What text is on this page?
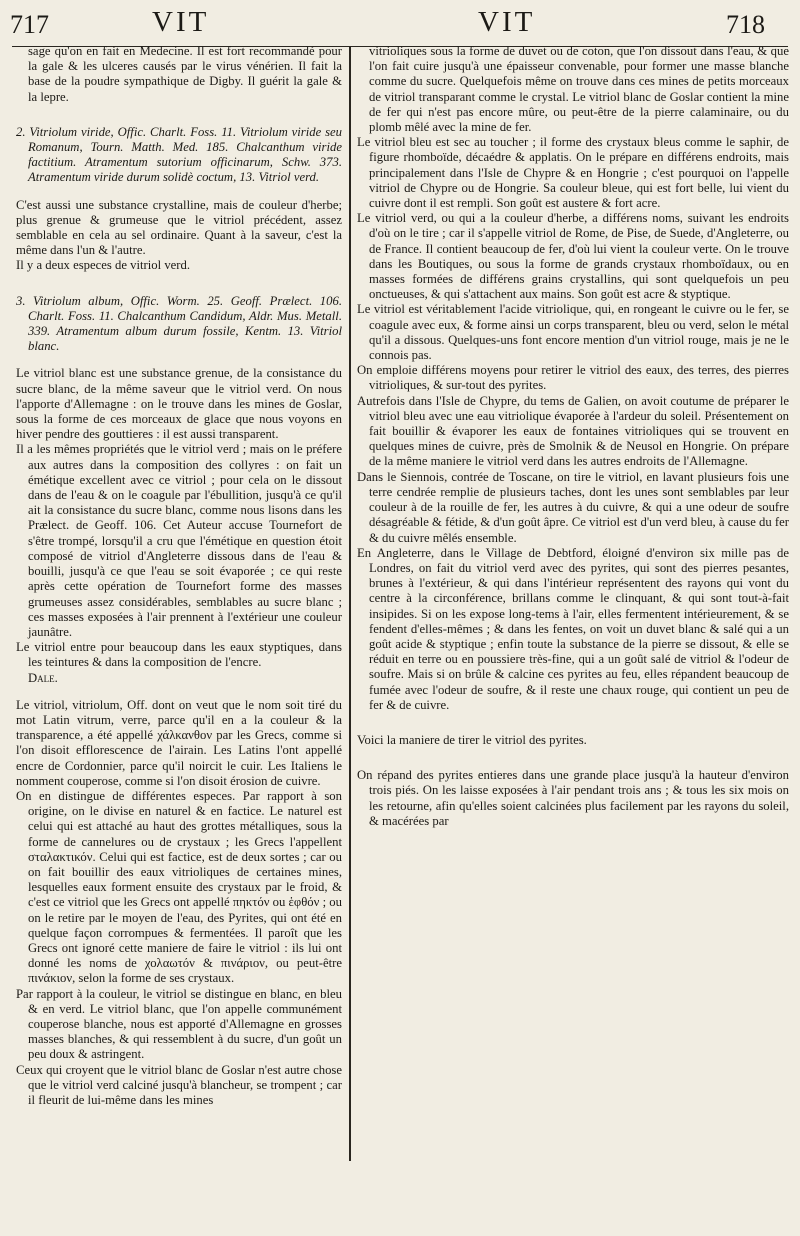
717	VIT	VIT	718

sage qu'on en fait en Medecine. Il est fort recommandé pour la gale & les ulceres causés par le virus vénérien. Il fait la base de la poudre sympathique de Digby. Il guérit la gale & la lepre.

2. Vitriolum viride, Offic. Charlt. Foss. 11. Vitriolum viride seu Romanum, Tourn. Matth. Med. 185. Chalcanthum viride factitium. Atramentum sutorium officinarum, Schw. 373. Atramentum viride durum solidè coctum, 13. Vitriol verd.

C'est aussi une substance crystalline, mais de couleur d'herbe; plus grenue & grumeuse que le vitriol précédent, assez semblable en cela au sel ordinaire. Quant à la saveur, c'est la même dans l'un & l'autre.

Il y a deux especes de vitriol verd.

3. Vitriolum album, Offic. Worm. 25. Geoff. Prælect. 106. Charlt. Foss. 11. Chalcanthum Candidum, Aldr. Mus. Metall. 339. Atramentum album durum fossile, Kentm. 13. Vitriol blanc.

Le vitriol blanc est une substance grenue, de la consistance du sucre blanc, de la même saveur que le vitriol verd. On nous l'apporte d'Allemagne : on le trouve dans les mines de Goslar, sous la forme de ces morceaux de glace que nous voyons en hiver pendre des gouttieres : il est aussi transparent.

Il a les mêmes propriétés que le vitriol verd ; mais on le préfere aux autres dans la composition des collyres : on fait un émétique excellent avec ce vitriol ; pour cela on le dissout dans de l'eau & on le coagule par l'ébullition, jusqu'à ce qu'il ait la consistance du sucre blanc, comme nous lisons dans les Prælect. de Geoff. 106. Cet Auteur accuse Tournefort de s'être trompé, lorsqu'il a cru que l'émétique en question étoit composé de vitriol d'Angleterre dissous dans de l'eau & bouilli, jusqu'à ce que l'eau se soit évaporée ; ce qui reste après cette opération de Tournefort forme des masses grumeuses assez considérables, semblables au sucre blanc ; ces masses exposées à l'air prennent à l'extérieur une couleur jaunâtre.

Le vitriol entre pour beaucoup dans les eaux styptiques, dans les teintures & dans la composition de l'encre.

Dale.

Le vitriol, vitriolum, Off. dont on veut que le nom soit tiré du mot Latin vitrum, verre, parce qu'il en a la couleur & la transparence, a été appellé χάλκανθον par les Grecs, comme si l'on disoit efflorescence de l'airain. Les Latins l'ont appellé encre de Cordonnier, parce qu'il noircit le cuir. Les Italiens le nomment couperose, comme si l'on disoit érosion de cuivre.

On en distingue de différentes especes. Par rapport à son origine, on le divise en naturel & en factice. Le naturel est celui qui est attaché au haut des grottes métalliques, sous la forme de cannelures ou de crystaux ; les Grecs l'appellent σταλακτικόν. Celui qui est factice, est de deux sortes ; car ou on fait bouillir des eaux vitrioliques de certaines mines, lesquelles eaux forment ensuite des crystaux par le froid, & c'est ce vitriol que les Grecs ont appellé πηκτόν ou ἑφθόν ; ou on le retire par le moyen de l'eau, des Pyrites, qui ont été en quelque façon corrompues & fermentées. Il paroît que les Grecs ont ignoré cette maniere de faire le vitriol : ils lui ont donné les noms de χολαωτόν & πινάριον, ou peut-être πινάκιον, selon la forme de ses crystaux.

Par rapport à la couleur, le vitriol se distingue en blanc, en bleu & en verd. Le vitriol blanc, que l'on appelle communément couperose blanche, nous est apporté d'Allemagne en grosses masses blanches, & qui ressemblent à du sucre, d'un goût un peu doux & astringent.

Ceux qui croyent que le vitriol blanc de Goslar n'est autre chose que le vitriol verd calciné jusqu'à blancheur, se trompent ; car il fleurit de lui-même dans les mines

vitrioliques sous la forme de duvet ou de coton, que l'on dissout dans l'eau, & que l'on fait cuire jusqu'à une épaisseur convenable, pour former une masse blanche comme du sucre. Quelquefois même on trouve dans ces mines de petits morceaux de vitriol transparant comme le crystal. Le vitriol blanc de Goslar contient la mine de fer qui n'est pas encore mûre, ou peut-être de la pierre calaminaire, ou du plomb mêlé avec la mine de fer.

Le vitriol bleu est sec au toucher ; il forme des crystaux bleus comme le saphir, de figure rhomboïde, décaédre & applatis. On le prépare en différens endroits, mais principalement dans l'Isle de Chypre & en Hongrie ; c'est pourquoi on l'appelle vitriol de Chypre ou de Hongrie. Sa couleur bleue, qui est fort belle, lui vient du cuivre dont il est rempli. Son goût est austere & fort acre.

Le vitriol verd, ou qui a la couleur d'herbe, a différens noms, suivant les endroits d'où on le tire ; car il s'appelle vitriol de Rome, de Pise, de Suede, d'Angleterre, ou de France. Il contient beaucoup de fer, d'où lui vient la couleur verte. On le trouve dans les Boutiques, ou sous la forme de grands crystaux rhomboïdaux, ou en masses formées de différens grains crystallins, qui sont quelquefois un peu onctueuses, & qui s'attachent aux mains. Son goût est acre & styptique.

Le vitriol est véritablement l'acide vitriolique, qui, en rongeant le cuivre ou le fer, se coagule avec eux, & forme ainsi un corps transparent, bleu ou verd, selon le métal qu'il a dissous. Quelques-uns font encore mention d'un vitriol rouge, mais je ne le connois pas.

On emploie différens moyens pour retirer le vitriol des eaux, des terres, des pierres vitrioliques, & sur-tout des pyrites.

Autrefois dans l'Isle de Chypre, du tems de Galien, on avoit coutume de préparer le vitriol bleu avec une eau vitriolique évaporée à l'ardeur du soleil. Présentement on fait bouillir & évaporer les eaux de fontaines vitrioliques qui se trouvent en quelques mines de cuivre, près de Smolnik & de Neusol en Hongrie. On prépare de la même maniere le vitriol verd dans les autres endroits de l'Allemagne.

Dans le Siennois, contrée de Toscane, on tire le vitriol, en lavant plusieurs fois une terre cendrée remplie de plusieurs taches, dont les unes sont semblables par leur couleur à de la rouille de fer, les autres à du cuivre, & qui a une odeur de soufre désagréable & fétide, & d'un goût âpre. Ce vitriol est d'un verd bleu, à cause du fer & du cuivre mêlés ensemble.

En Angleterre, dans le Village de Debtford, éloigné d'environ six mille pas de Londres, on fait du vitriol verd avec des pyrites, qui sont des pierres pesantes, brunes à l'extérieur, & qui dans l'intérieur représentent des rayons qui vont du centre à la circonférence, brillans comme le clinquant, & qui sont tout-à-fait insipides. Si on les expose long-tems à l'air, elles fermentent intérieurement, & se fendent d'elles-mêmes ; & dans les fentes, on voit un duvet blanc & salé qui a un goût acide & styptique ; enfin toute la substance de la pierre se dissout, & elle se réduit en terre ou en poussiere très-fine, qui a un goût salé de vitriol & l'odeur de soufre. Mais si on brûle & calcine ces pyrites au feu, elles répandent beaucoup de fumée avec l'odeur de soufre, & il reste une chaux rouge, qui contient un peu de fer & de cuivre.

Voici la maniere de tirer le vitriol des pyrites.

On répand des pyrites entieres dans une grande place jusqu'à la hauteur d'environ trois piés. On les laisse exposées à l'air pendant trois ans ; & tous les six mois on les retourne, afin qu'elles soient calcinées plus facilement par les rayons du soleil, & macérées par
